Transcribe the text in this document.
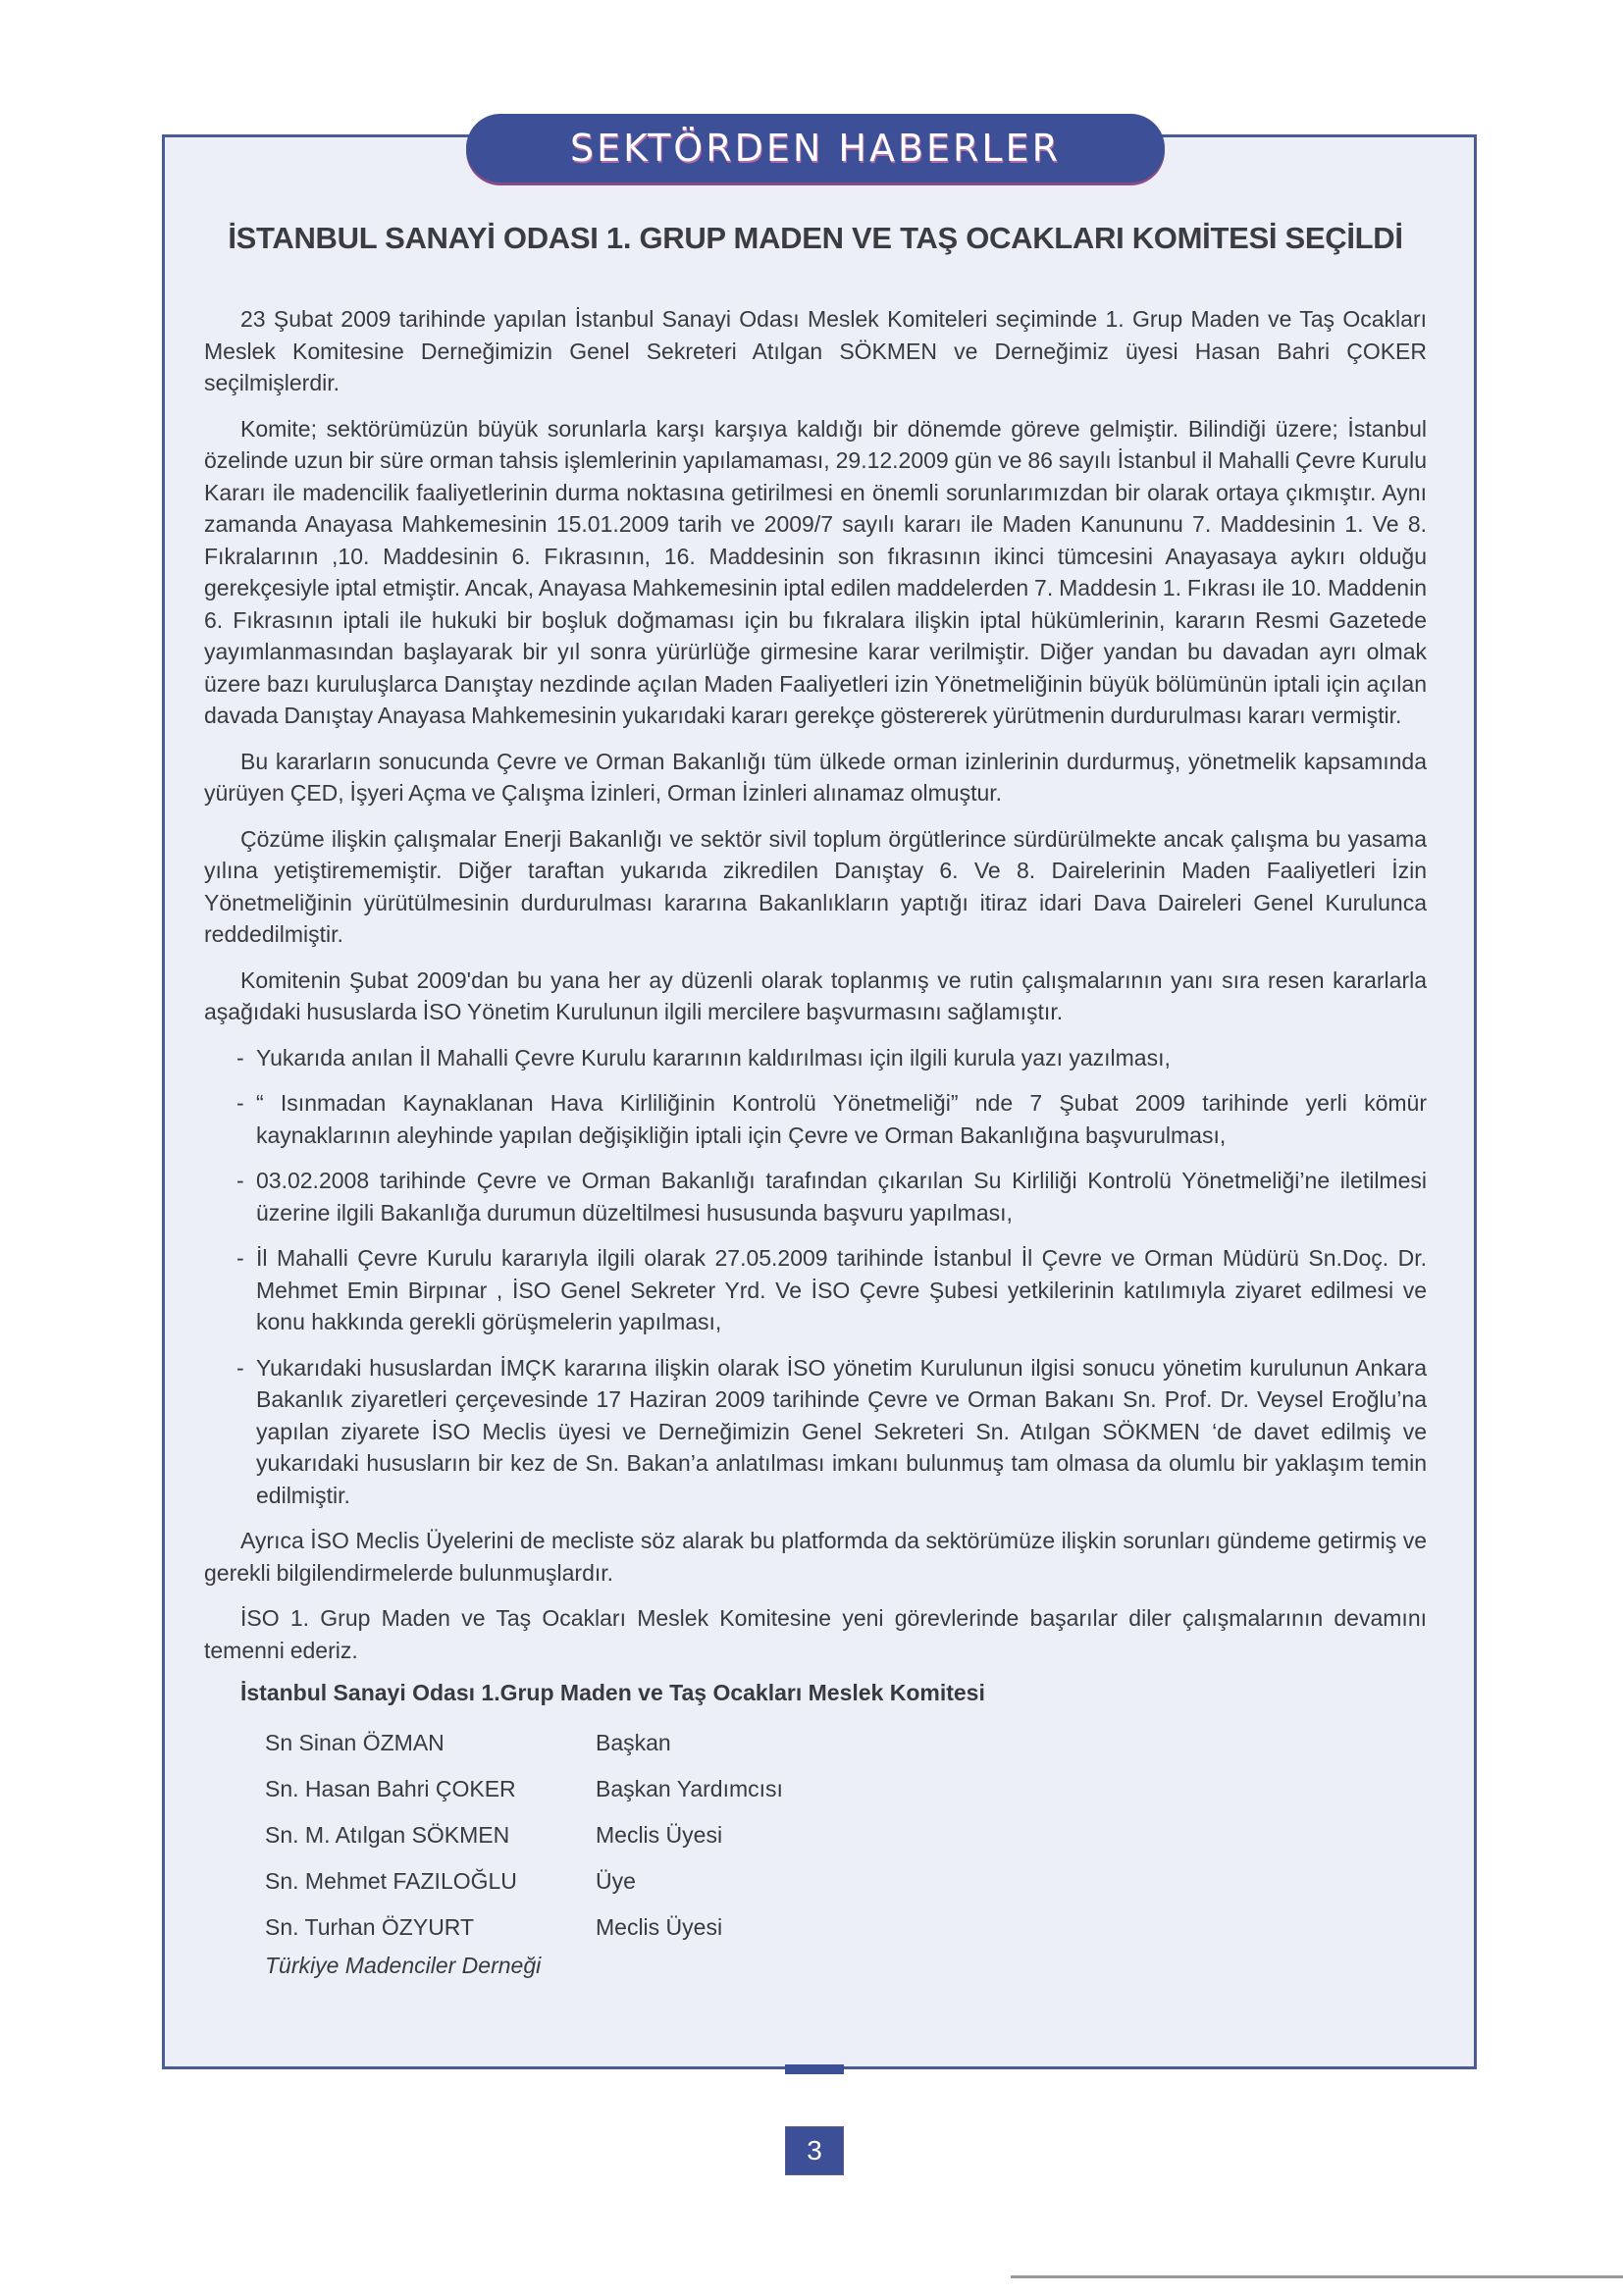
İSTANBUL SANAYİ ODASI 1. GRUP MADEN VE TAŞ OCAKLARI KOMİTESİ SEÇİLDİ

23 Şubat 2009 tarihinde yapılan İstanbul Sanayi Odası Meslek Komiteleri seçiminde 1. Grup Maden ve Taş Ocakları Meslek Komitesine Derneğimizin Genel Sekreteri Atılgan SÖKMEN ve Derneğimiz üyesi Hasan Bahri ÇOKER seçilmişlerdir.

Komite; sektörümüzün büyük sorunlarla karşı karşıya kaldığı bir dönemde göreve gelmiştir. Bilindiği üzere; İstanbul özelinde uzun bir süre orman tahsis işlemlerinin yapılamaması, 29.12.2009 gün ve 86 sayılı İstanbul il Mahalli Çevre Kurulu Kararı ile madencilik faaliyetlerinin durma noktasına getirilmesi en önemli sorunlarımızdan bir olarak ortaya çıkmıştır. Aynı zamanda Anayasa Mahkemesinin 15.01.2009 tarih ve 2009/7 sayılı kararı ile Maden Kanununu 7. Maddesinin 1. Ve 8. Fıkralarının ,10. Maddesinin 6. Fıkrasının, 16. Maddesinin son fıkrasının ikinci tümcesini Anayasaya aykırı olduğu gerekçesiyle iptal etmiştir. Ancak, Anayasa Mahkemesinin iptal edilen maddelerden 7. Maddesin 1. Fıkrası ile 10. Maddenin 6. Fıkrasının iptali ile hukuki bir boşluk doğmaması için bu fıkralara ilişkin iptal hükümlerinin, kararın Resmi Gazetede yayımlanmasından başlayarak bir yıl sonra yürürlüğe girmesine karar verilmiştir. Diğer yandan bu davadan ayrı olmak üzere bazı kuruluşlarca Danıştay nezdinde açılan Maden Faaliyetleri izin Yönetmeliğinin büyük bölümünün iptali için açılan davada Danıştay Anayasa Mahkemesinin yukarıdaki kararı gerekçe göstererek yürütmenin durdurulması kararı vermiştir.

Bu kararların sonucunda Çevre ve Orman Bakanlığı tüm ülkede orman izinlerinin durdurmuş, yönetmelik kapsamında yürüyen ÇED, İşyeri Açma ve Çalışma İzinleri, Orman İzinleri alınamaz olmuştur.

Çözüme ilişkin çalışmalar Enerji Bakanlığı ve sektör sivil toplum örgütlerince sürdürülmekte ancak çalışma bu yasama yılına yetiştirememiştir. Diğer taraftan yukarıda zikredilen Danıştay 6. Ve 8. Dairelerinin Maden Faaliyetleri İzin Yönetmeliğinin yürütülmesinin durdurulması kararına Bakanlıkların yaptığı itiraz idari Dava Daireleri Genel Kurulunca reddedilmiştir.

Komitenin Şubat 2009'dan bu yana her ay düzenli olarak toplanmış ve rutin çalışmalarının yanı sıra resen kararlarla aşağıdaki hususlarda İSO Yönetim Kurulunun ilgili mercilere başvurmasını sağlamıştır.

- Yukarıda anılan İl Mahalli Çevre Kurulu kararının kaldırılması için ilgili kurula yazı yazılması,
- “ Isınmadan Kaynaklanan Hava Kirliliğinin Kontrolü Yönetmeliği” nde 7 Şubat 2009 tarihinde yerli kömür kaynaklarının aleyhinde yapılan değişikliğin iptali için Çevre ve Orman Bakanlığına başvurulması,
- 03.02.2008 tarihinde Çevre ve Orman Bakanlığı tarafından çıkarılan Su Kirliliği Kontrolü Yönetmeliği’ne iletilmesi üzerine ilgili Bakanlığa durumun düzeltilmesi hususunda başvuru yapılması,
- İl Mahalli Çevre Kurulu kararıyla ilgili olarak 27.05.2009 tarihinde İstanbul İl Çevre ve Orman Müdürü Sn.Doç. Dr. Mehmet Emin Birpınar , İSO Genel Sekreter Yrd. Ve İSO Çevre Şubesi yetkilerinin katılımıyla ziyaret edilmesi ve konu hakkında gerekli görüşmelerin yapılması,
- Yukarıdaki hususlardan İMÇK kararına ilişkin olarak İSO yönetim Kurulunun ilgisi sonucu yönetim kurulunun Ankara Bakanlık ziyaretleri çerçevesinde 17 Haziran 2009 tarihinde Çevre ve Orman Bakanı Sn. Prof. Dr. Veysel Eroğlu’na yapılan ziyarete İSO Meclis üyesi ve Derneğimizin Genel Sekreteri Sn. Atılgan SÖKMEN ‘de davet edilmiş ve yukarıdaki hususların bir kez de Sn. Bakan’a anlatılması imkanı bulunmuş tam olmasa da olumlu bir yaklaşım temin edilmiştir.

Ayrıca İSO Meclis Üyelerini de mecliste söz alarak bu platformda da sektörümüze ilişkin sorunları gündeme getirmiş ve gerekli bilgilendirmelerde bulunmuşlardır.

İSO 1. Grup Maden ve Taş Ocakları Meslek Komitesine yeni görevlerinde başarılar diler çalışmalarının devamını temenni ederiz.

İstanbul Sanayi Odası 1.Grup Maden ve Taş Ocakları Meslek Komitesi
Sn Sinan ÖZMAN	Başkan
Sn. Hasan Bahri ÇOKER	Başkan Yardımcısı
Sn. M. Atılgan SÖKMEN	Meclis Üyesi
Sn. Mehmet FAZILOĞLU	Üye
Sn. Turhan ÖZYURT	Meclis Üyesi
Türkiye Madenciler Derneği
SEKTÖRDEN HABERLER
3
